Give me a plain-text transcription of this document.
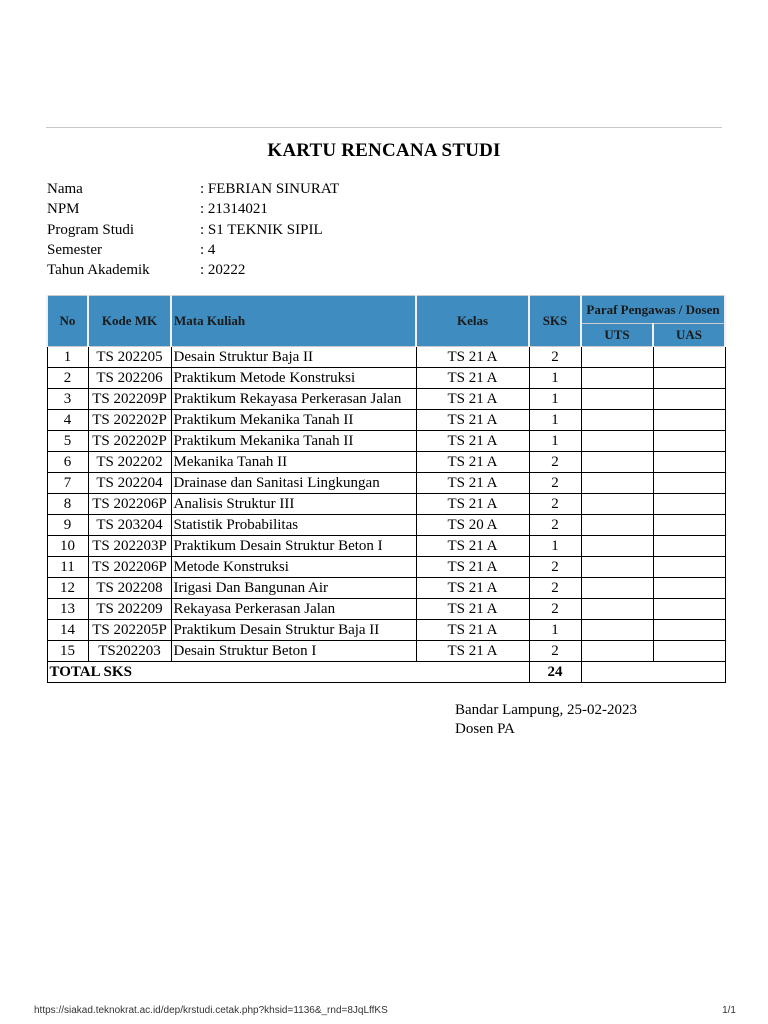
KARTU RENCANA STUDI
Nama	: FEBRIAN SINURAT
NPM	: 21314021
Program Studi	: S1 TEKNIK SIPIL
Semester	: 4
Tahun Akademik	: 20222
No	Kode MK	Mata Kuliah	Kelas	SKS	Paraf Pengawas / Dosen	
					UTS	UAS
1	TS 202205	Desain Struktur Baja II	TS 21 A	2		
2	TS 202206	Praktikum Metode Konstruksi	TS 21 A	1		
3	TS 202209P	Praktikum Rekayasa Perkerasan Jalan	TS 21 A	1		
4	TS 202202P	Praktikum Mekanika Tanah II	TS 21 A	1		
5	TS 202202P	Praktikum Mekanika Tanah II	TS 21 A	1		
6	TS 202202	Mekanika Tanah II	TS 21 A	2		
7	TS 202204	Drainase dan Sanitasi Lingkungan	TS 21 A	2		
8	TS 202206P	Analisis Struktur III	TS 21 A	2		
9	TS 203204	Statistik Probabilitas	TS 20 A	2		
10	TS 202203P	Praktikum Desain Struktur Beton I	TS 21 A	1		
11	TS 202206P	Metode Konstruksi	TS 21 A	2		
12	TS 202208	Irigasi Dan Bangunan Air	TS 21 A	2		
13	TS 202209	Rekayasa Perkerasan Jalan	TS 21 A	2		
14	TS 202205P	Praktikum Desain Struktur Baja II	TS 21 A	1		
15	TS202203	Desain Struktur Beton I	TS 21 A	2		
TOTAL SKS				24		
Bandar Lampung, 25-02-2023
Dosen PA
https://siakad.teknokrat.ac.id/dep/krstudi.cetak.php?khsid=1136&_rnd=8JqLffKS	1/1
